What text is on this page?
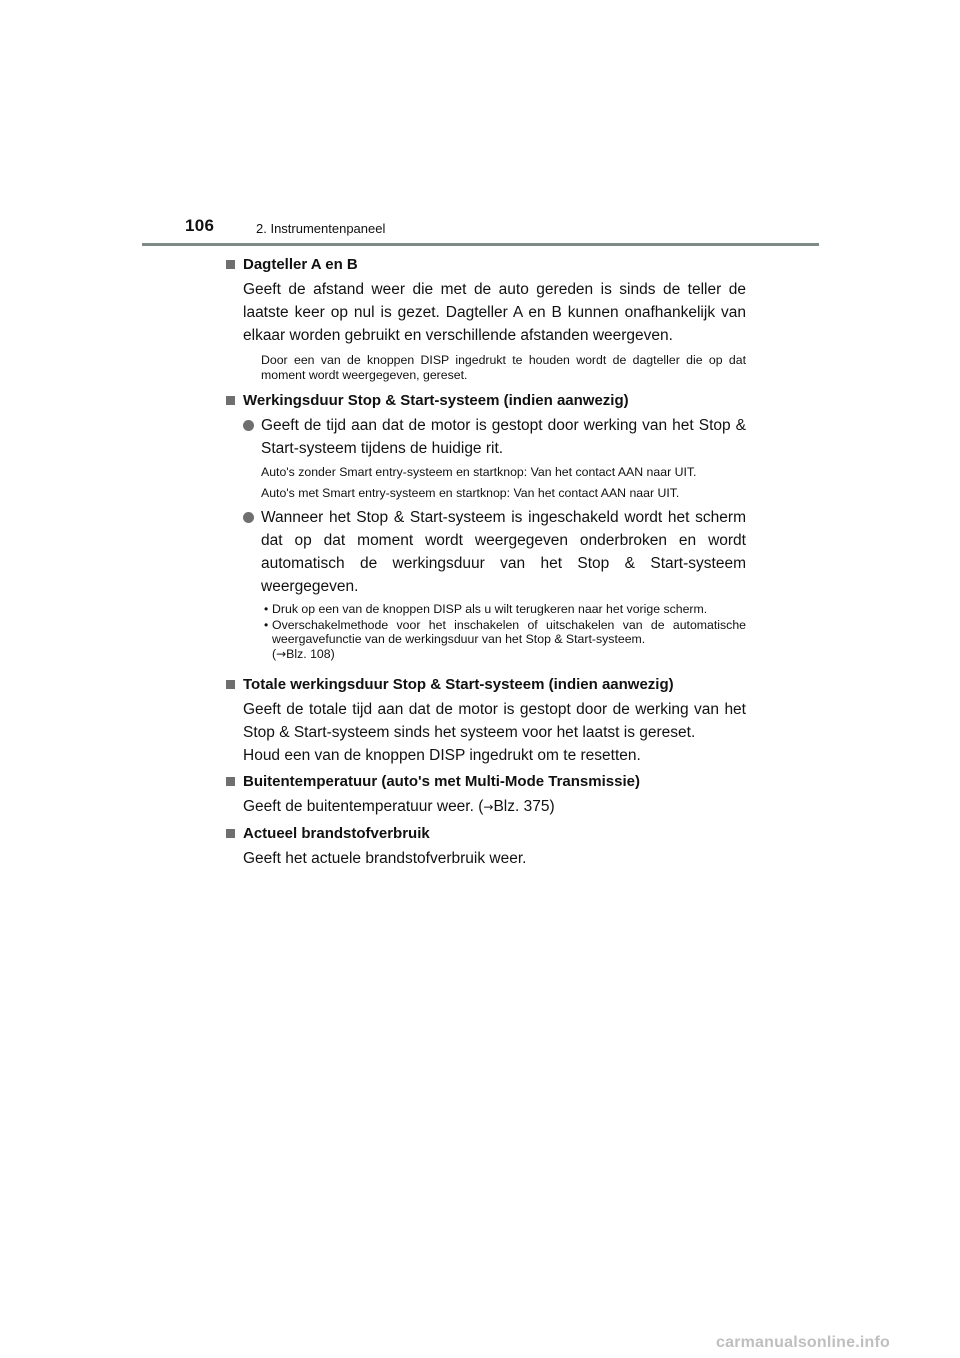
106	2. Instrumentenpaneel
Dagteller A en B
Geeft de afstand weer die met de auto gereden is sinds de teller de laatste keer op nul is gezet. Dagteller A en B kunnen onafhankelijk van elkaar worden gebruikt en verschillende afstanden weergeven.
Door een van de knoppen DISP ingedrukt te houden wordt de dagteller die op dat moment wordt weergegeven, gereset.
Werkingsduur Stop & Start-systeem (indien aanwezig)
Geeft de tijd aan dat de motor is gestopt door werking van het Stop & Start-systeem tijdens de huidige rit.
Auto's zonder Smart entry-systeem en startknop: Van het contact AAN naar UIT.
Auto's met Smart entry-systeem en startknop: Van het contact AAN naar UIT.
Wanneer het Stop & Start-systeem is ingeschakeld wordt het scherm dat op dat moment wordt weergegeven onderbroken en wordt automatisch de werkingsduur van het Stop & Start-systeem weergegeven.
• Druk op een van de knoppen DISP als u wilt terugkeren naar het vorige scherm.
• Overschakelmethode voor het inschakelen of uitschakelen van de automatische weergavefunctie van de werkingsduur van het Stop & Start-systeem.
(→Blz. 108)
Totale werkingsduur Stop & Start-systeem (indien aanwezig)
Geeft de totale tijd aan dat de motor is gestopt door de werking van het Stop & Start-systeem sinds het systeem voor het laatst is gereset.
Houd een van de knoppen DISP ingedrukt om te resetten.
Buitentemperatuur (auto's met Multi-Mode Transmissie)
Geeft de buitentemperatuur weer. (→Blz. 375)
Actueel brandstofverbruik
Geeft het actuele brandstofverbruik weer.
carmanualsonline.info
